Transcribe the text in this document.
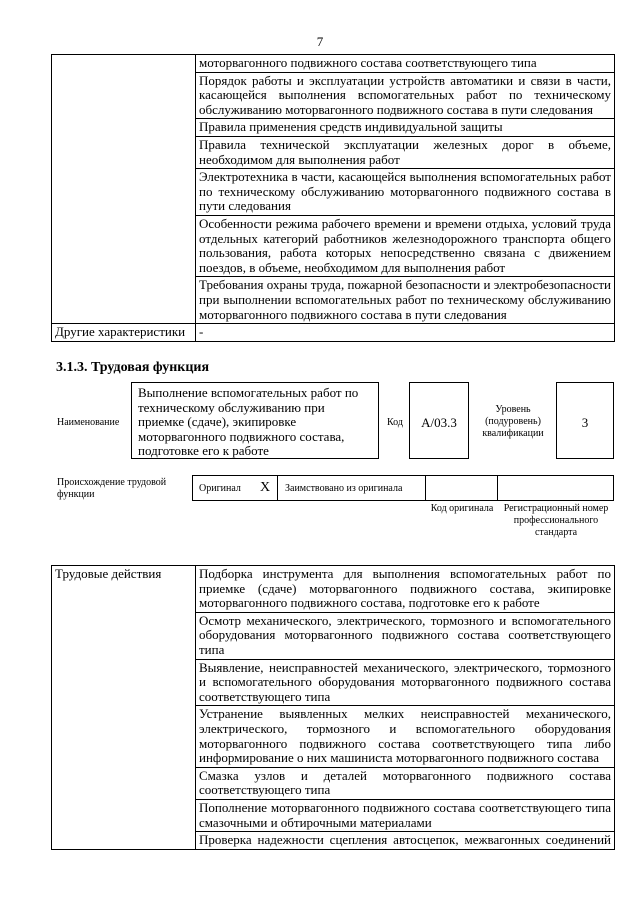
7
	моторвагонного подвижного состава соответствующего типа
	Порядок работы и эксплуатации устройств автоматики и связи в части, касающейся выполнения вспомогательных работ по техническому обслуживанию моторвагонного подвижного состава в пути следования
	Правила применения средств индивидуальной защиты
	Правила технической эксплуатации железных дорог в объеме, необходимом для выполнения работ
	Электротехника в части, касающейся выполнения вспомогательных работ по техническому обслуживанию моторвагонного подвижного состава в пути следования
	Особенности режима рабочего времени и времени отдыха, условий труда отдельных категорий работников железнодорожного транспорта общего пользования, работа которых непосредственно связана с движением поездов, в объеме, необходимом для выполнения работ
	Требования охраны труда, пожарной безопасности и электробезопасности при выполнении вспомогательных работ по техническому обслуживанию моторвагонного подвижного состава в пути следования
Другие характеристики	-
3.1.3. Трудовая функция
Наименование
Выполнение вспомогательных работ по техническому обслуживанию при приемке (сдаче), экипировке моторвагонного подвижного состава, подготовке его к работе
Код	А/03.3
Уровень (подуровень) квалификации
3
Происхождение трудовой функции
Оригинал X Заимствовано из оригинала
Код оригинала	Регистрационный номер профессионального стандарта
Трудовые действия	Подборка инструмента для выполнения вспомогательных работ по приемке (сдаче) моторвагонного подвижного состава, экипировке моторвагонного подвижного состава, подготовке его к работе
Осмотр механического, электрического, тормозного и вспомогательного оборудования моторвагонного подвижного состава соответствующего типа
Выявление, неисправностей механического, электрического, тормозного и вспомогательного оборудования моторвагонного подвижного состава соответствующего типа
Устранение выявленных мелких неисправностей механического, электрического, тормозного и вспомогательного оборудования моторвагонного подвижного состава соответствующего типа либо информирование о них машиниста моторвагонного подвижного состава
Смазка узлов и деталей моторвагонного подвижного состава соответствующего типа
Пополнение моторвагонного подвижного состава соответствующего типа смазочными и обтирочными материалами
Проверка надежности сцепления автосцепок, межвагонных соединений
